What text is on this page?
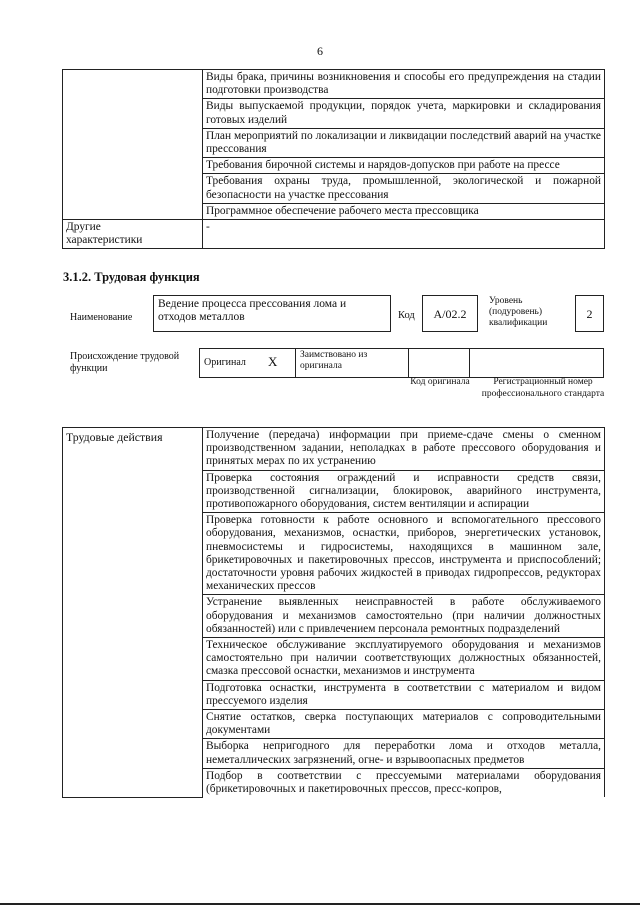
6
	Виды брака, причины возникновения и способы его предупреждения на стадии подготовки производства
	Виды выпускаемой продукции, порядок учета, маркировки и складирования готовых изделий
	План мероприятий по локализации и ликвидации последствий аварий на участке прессования
	Требования бирочной системы и нарядов-допусков при работе на прессе
	Требования охраны труда, промышленной, экологической и пожарной безопасности на участке прессования
	Программное обеспечение рабочего места прессовщика
Другие характеристики	-
3.1.2. Трудовая функция
Наименование
Ведение процесса прессования лома и отходов металлов	Код	A/02.2
Уровень (подуровень) квалификации
2
Происхождение трудовой функции	Оригинал X Заимствовано из оригинала
Код оригинала	Регистрационный номер профессионального стандарта
Трудовые действия	Получение (передача) информации при приеме-сдаче смены о сменном производственном задании, неполадках в работе прессового оборудования и принятых мерах по их устранению
Проверка состояния ограждений и исправности средств связи, производственной сигнализации, блокировок, аварийного инструмента, противопожарного оборудования, систем вентиляции и аспирации
Проверка готовности к работе основного и вспомогательного прессового оборудования, механизмов, оснастки, приборов, энергетических установок, пневмосистемы и гидросистемы, находящихся в машинном зале, брикетировочных и пакетировочных прессов, инструмента и приспособлений; достаточности уровня рабочих жидкостей в приводах гидропрессов, редукторах механических прессов
Устранение выявленных неисправностей в работе обслуживаемого оборудования и механизмов самостоятельно (при наличии должностных обязанностей) или с привлечением персонала ремонтных подразделений
Техническое обслуживание эксплуатируемого оборудования и механизмов самостоятельно при наличии соответствующих должностных обязанностей, смазка прессовой оснастки, механизмов и инструмента
Подготовка оснастки, инструмента в соответствии с материалом и видом прессуемого изделия
Снятие остатков, сверка поступающих материалов с сопроводительными документами
Выборка непригодного для переработки лома и отходов металла, неметаллических загрязнений, огне- и взрывоопасных предметов
Подбор в соответствии с прессуемыми материалами оборудования (брикетировочных и пакетировочных прессов, пресс-копров,
